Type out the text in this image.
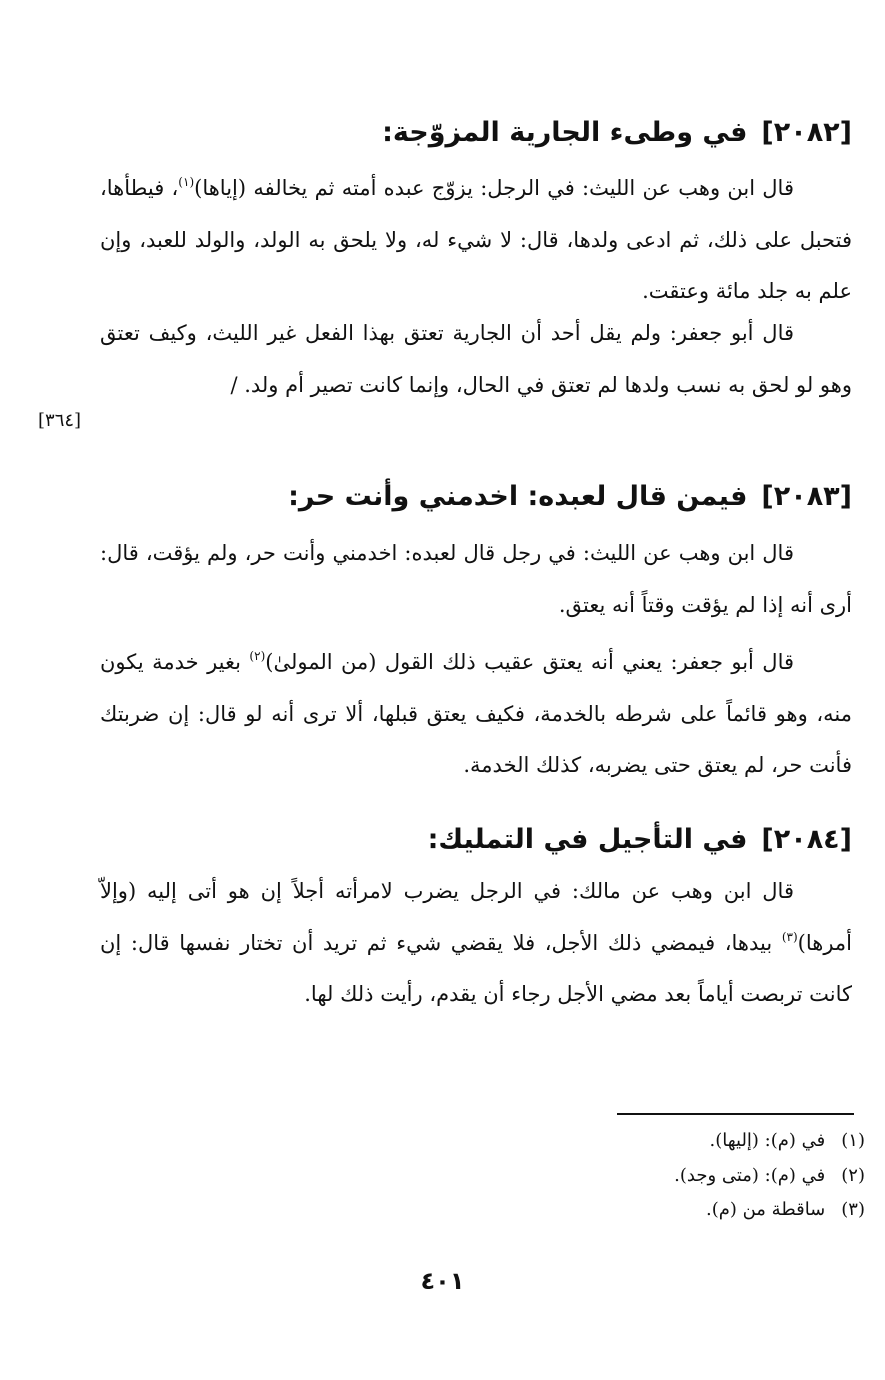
[٢٠٨٢]في وطىء الجارية المزوّجة:

قال ابن وهب عن الليث: في الرجل: يزوّج عبده أمته ثم يخالفه (إياها)$^{(١)}$، فيطأها، فتحبل على ذلك، ثم ادعى ولدها، قال: لا شيء له، ولا يلحق به الولد، والولد للعبد، وإن علم به جلد مائة وعتقت.

قال أبو جعفر: ولم يقل أحد أن الجارية تعتق بهذا الفعل غير الليث، وكيف تعتق وهو لو لحق به نسب ولدها لم تعتق في الحال، وإنما كانت تصير أم ولد. /

[٣٦٤]
[٢٠٨٣]فيمن قال لعبده: اخدمني وأنت حر:

قال ابن وهب عن الليث: في رجل قال لعبده: اخدمني وأنت حر، ولم يؤقت، قال: أرى أنه إذا لم يؤقت وقتاً أنه يعتق.

قال أبو جعفر: يعني أنه يعتق عقيب ذلك القول (من المولىٰ)$^{(٢)}$ بغير خدمة يكون منه، وهو قائماً على شرطه بالخدمة، فكيف يعتق قبلها، ألا ترى أنه لو قال: إن ضربتك فأنت حر، لم يعتق حتى يضربه، كذلك الخدمة.

[٢٠٨٤]في التأجيل في التمليك:

قال ابن وهب عن مالك: في الرجل يضرب لامرأته أجلاً إن هو أتى إليه (وإلاّ أمرها)$^{(٣)}$ بيدها، فيمضي ذلك الأجل، فلا يقضي شيء ثم تريد أن تختار نفسها قال: إن كانت تربصت أياماً بعد مضي الأجل رجاء أن يقدم، رأيت ذلك لها.

(١)في (م): (إليها).
(٢)في (م): (متى وجد).
(٣)ساقطة من (م).
٤٠١
